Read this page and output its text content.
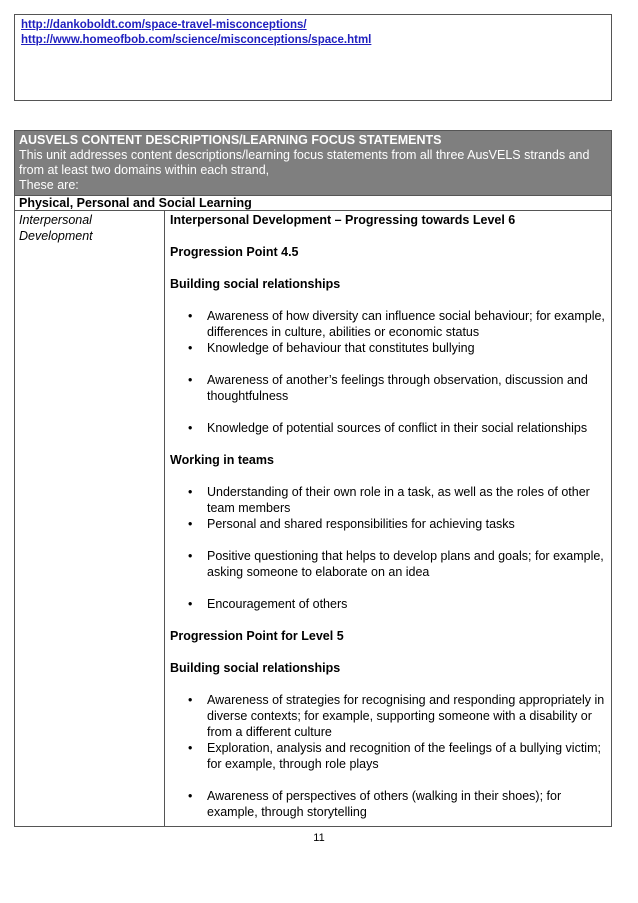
http://dankoboldt.com/space-travel-misconceptions/
http://www.homeofbob.com/science/misconceptions/space.html
AUSVELS CONTENT DESCRIPTIONS/LEARNING FOCUS STATEMENTS
This unit addresses content descriptions/learning focus statements from all three AusVELS strands and
from at least two domains within each strand,
These are:
Physical, Personal and Social Learning
Interpersonal Development

Interpersonal Development – Progressing towards Level 6

Progression Point 4.5

Building social relationships

• Awareness of how diversity can influence social behaviour; for example, differences in culture, abilities or economic status
• Knowledge of behaviour that constitutes bullying
• Awareness of another’s feelings through observation, discussion and thoughtfulness
• Knowledge of potential sources of conflict in their social relationships

Working in teams

• Understanding of their own role in a task, as well as the roles of other team members
• Personal and shared responsibilities for achieving tasks
• Positive questioning that helps to develop plans and goals; for example, asking someone to elaborate on an idea
• Encouragement of others

Progression Point for Level 5

Building social relationships

• Awareness of strategies for recognising and responding appropriately in diverse contexts; for example, supporting someone with a disability or from a different culture
• Exploration, analysis and recognition of the feelings of a bullying victim; for example, through role plays
• Awareness of perspectives of others (walking in their shoes); for example, through storytelling
11
